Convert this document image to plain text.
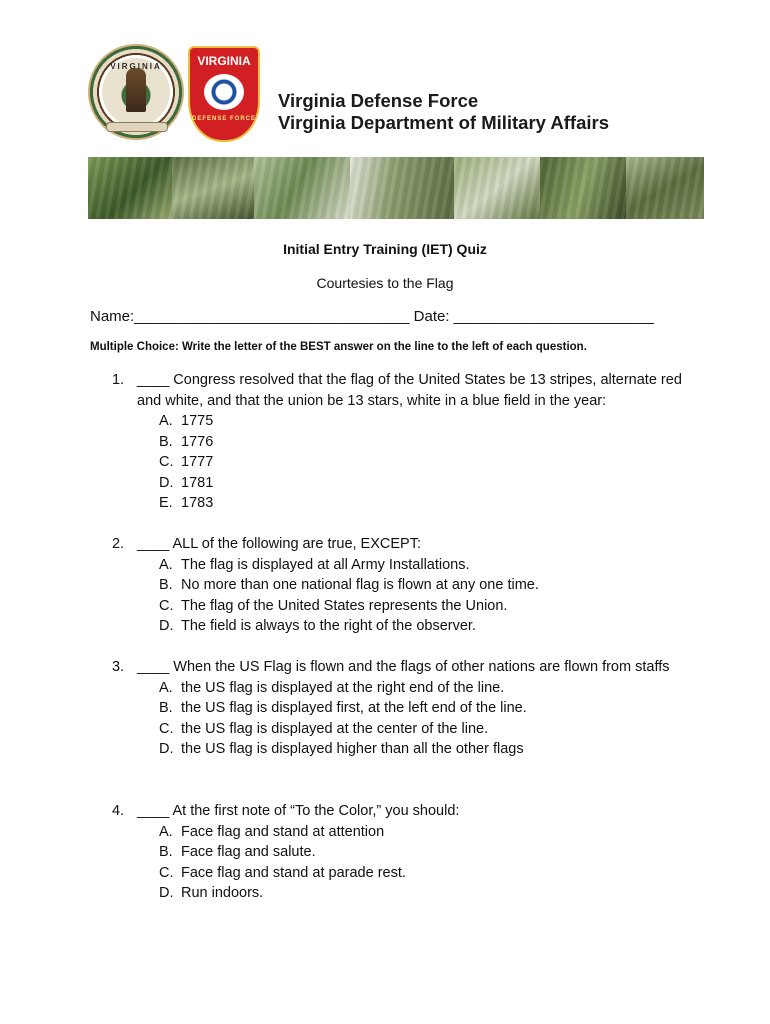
VIRGINIA	VIRGINIA
DEFENSE FORCE
Virginia Defense Force
Virginia Department of Military Affairs
Initial Entry Training (IET) Quiz
Courtesies to the Flag
Name:_________________________________ Date: ________________________
Multiple Choice: Write the letter of the BEST answer on the line to the left of each question.
1. ____ Congress resolved that the flag of the United States be 13 stripes, alternate red and white, and that the union be 13 stars, white in a blue field in the year:
A. 1775
B. 1776
C. 1777
D. 1781
E. 1783
2. ____ ALL of the following are true, EXCEPT:
A. The flag is displayed at all Army Installations.
B. No more than one national flag is flown at any one time.
C. The flag of the United States represents the Union.
D. The field is always to the right of the observer.
3. ____ When the US Flag is flown and the flags of other nations are flown from staffs
A. the US flag is displayed at the right end of the line.
B. the US flag is displayed first, at the left end of the line.
C. the US flag is displayed at the center of the line.
D. the US flag is displayed higher than all the other flags
4. ____ At the first note of “To the Color,” you should:
A. Face flag and stand at attention
B. Face flag and salute.
C. Face flag and stand at parade rest.
D. Run indoors.
